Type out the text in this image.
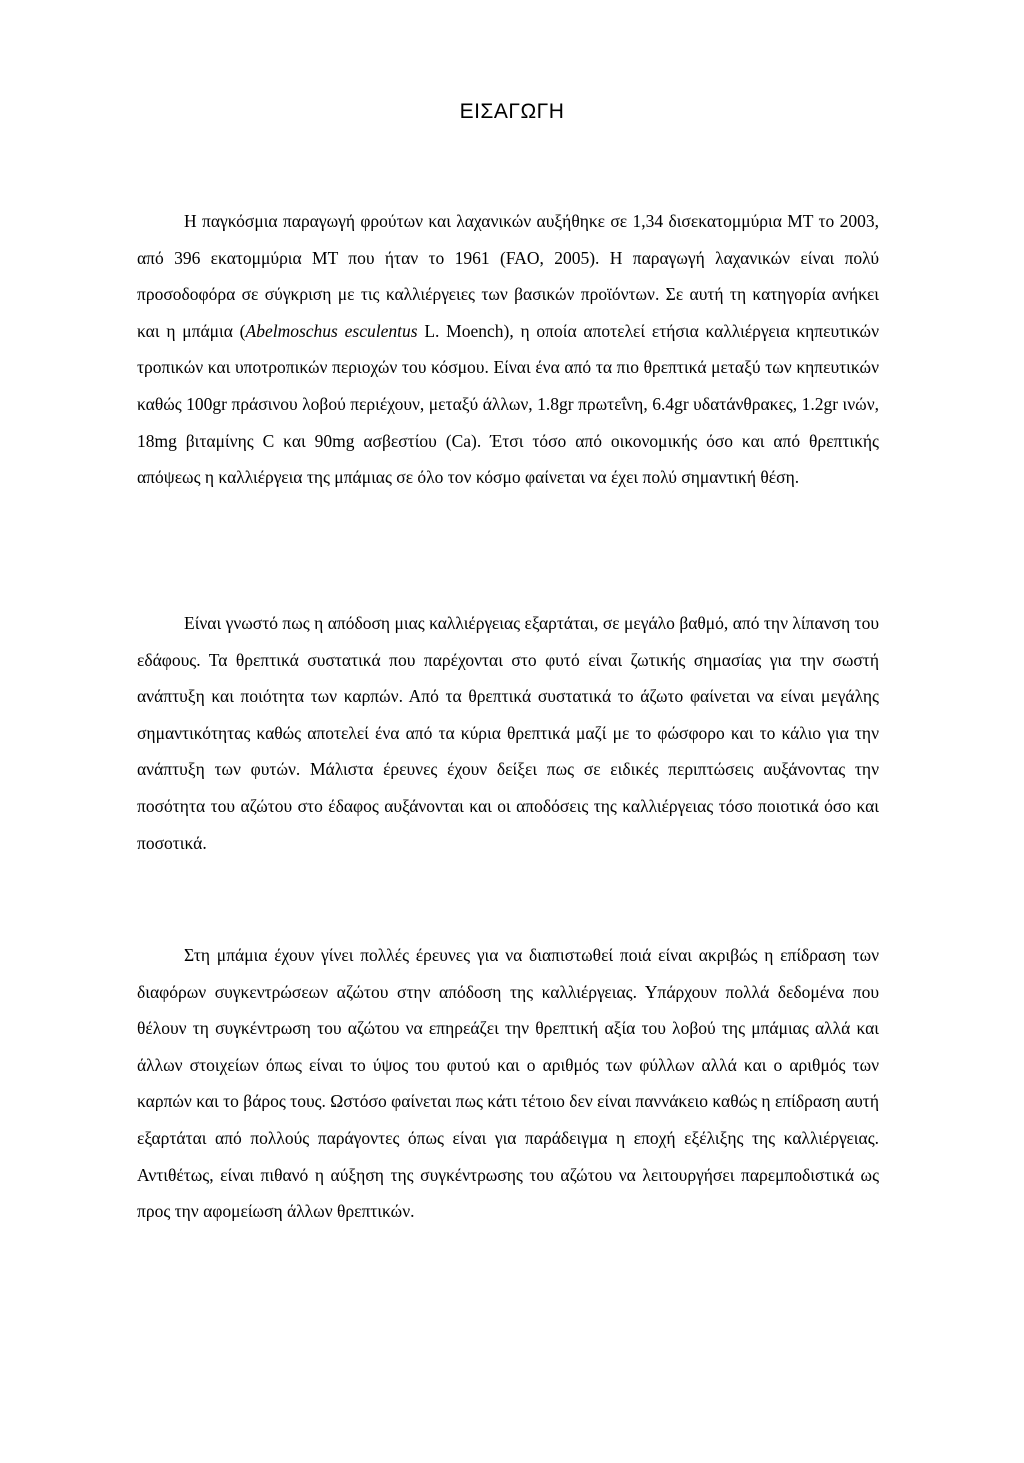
ΕΙΣΑΓΩΓΗ

Η παγκόσμια παραγωγή φρούτων και λαχανικών αυξήθηκε σε 1,34 δισεκατομμύρια ΜΤ το 2003, από 396 εκατομμύρια ΜΤ που ήταν το 1961 (FAO, 2005). Η παραγωγή λαχανικών είναι πολύ προσοδοφόρα σε σύγκριση με τις καλλιέργειες των βασικών προϊόντων. Σε αυτή τη κατηγορία ανήκει και η μπάμια (Abelmoschus esculentus L. Moench), η οποία αποτελεί ετήσια καλλιέργεια κηπευτικών τροπικών και υποτροπικών περιοχών του κόσμου. Είναι ένα από τα πιο θρεπτικά μεταξύ των κηπευτικών καθώς 100gr πράσινου λοβού περιέχουν, μεταξύ άλλων, 1.8gr πρωτεΐνη, 6.4gr υδατάνθρακες, 1.2gr ινών, 18mg βιταμίνης C και 90mg ασβεστίου (Ca). Έτσι τόσο από οικονομικής όσο και από θρεπτικής απόψεως η καλλιέργεια της μπάμιας σε όλο τον κόσμο φαίνεται να έχει πολύ σημαντική θέση.

Είναι γνωστό πως η απόδοση μιας καλλιέργειας εξαρτάται, σε μεγάλο βαθμό, από την λίπανση του εδάφους. Τα θρεπτικά συστατικά που παρέχονται στο φυτό είναι ζωτικής σημασίας για την σωστή ανάπτυξη και ποιότητα των καρπών. Από τα θρεπτικά συστατικά το άζωτο φαίνεται να είναι μεγάλης σημαντικότητας καθώς αποτελεί ένα από τα κύρια θρεπτικά μαζί με το φώσφορο και το κάλιο για την ανάπτυξη των φυτών. Μάλιστα έρευνες έχουν δείξει πως σε ειδικές περιπτώσεις αυξάνοντας την ποσότητα του αζώτου στο έδαφος αυξάνονται και οι αποδόσεις της καλλιέργειας τόσο ποιοτικά όσο και ποσοτικά.

Στη μπάμια έχουν γίνει πολλές έρευνες για να διαπιστωθεί ποιά είναι ακριβώς η επίδραση των διαφόρων συγκεντρώσεων αζώτου στην απόδοση της καλλιέργειας. Υπάρχουν πολλά δεδομένα που θέλουν τη συγκέντρωση του αζώτου να επηρεάζει την θρεπτική αξία του λοβού της μπάμιας αλλά και άλλων στοιχείων όπως είναι το ύψος του φυτού και ο αριθμός των φύλλων αλλά και ο αριθμός των καρπών και το βάρος τους. Ωστόσο φαίνεται πως κάτι τέτοιο δεν είναι παννάκειο καθώς η επίδραση αυτή εξαρτάται από πολλούς παράγοντες όπως είναι για παράδειγμα η εποχή εξέλιξης της καλλιέργειας. Αντιθέτως, είναι πιθανό η αύξηση της συγκέντρωσης του αζώτου να λειτουργήσει παρεμποδιστικά ως προς την αφομείωση άλλων θρεπτικών.
